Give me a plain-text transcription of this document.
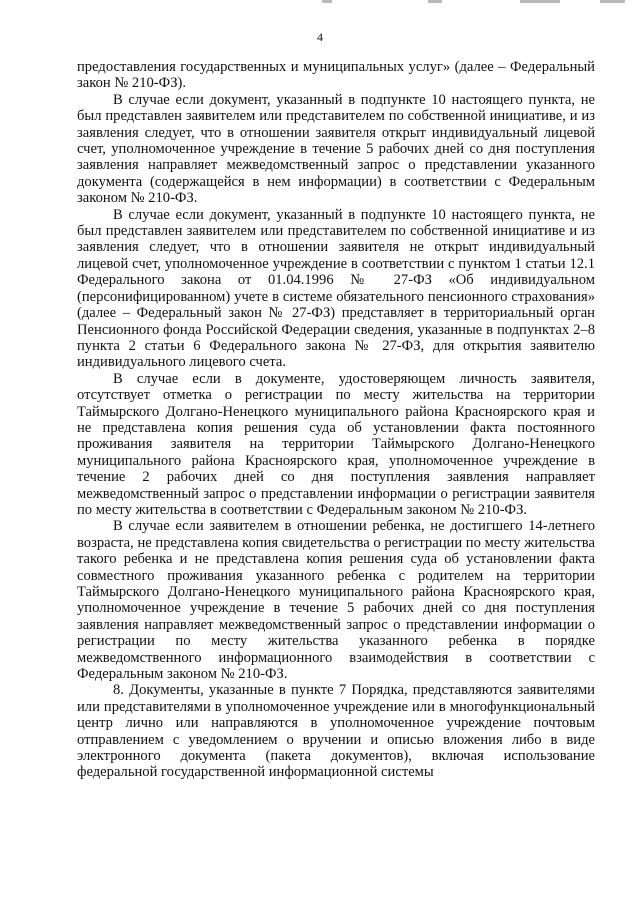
4

предоставления государственных и муниципальных услуг» (далее – Федеральный закон № 210-ФЗ).

В случае если документ, указанный в подпункте 10 настоящего пункта, не был представлен заявителем или представителем по собственной инициативе, и из заявления следует, что в отношении заявителя открыт индивидуальный лицевой счет, уполномоченное учреждение в течение 5 рабочих дней со дня поступления заявления направляет межведомственный запрос о представлении указанного документа (содержащейся в нем информации) в соответствии с Федеральным законом № 210-ФЗ.

В случае если документ, указанный в подпункте 10 настоящего пункта, не был представлен заявителем или представителем по собственной инициативе и из заявления следует, что в отношении заявителя не открыт индивидуальный лицевой счет, уполномоченное учреждение в соответствии с пунктом 1 статьи 12.1 Федерального закона от 01.04.1996 № 27-ФЗ «Об индивидуальном (персонифицированном) учете в системе обязательного пенсионного страхования» (далее – Федеральный закон № 27-ФЗ) представляет в территориальный орган Пенсионного фонда Российской Федерации сведения, указанные в подпунктах 2–8 пункта 2 статьи 6 Федерального закона № 27-ФЗ, для открытия заявителю индивидуального лицевого счета.

В случае если в документе, удостоверяющем личность заявителя, отсутствует отметка о регистрации по месту жительства на территории Таймырского Долгано-Ненецкого муниципального района Красноярского края и не представлена копия решения суда об установлении факта постоянного проживания заявителя на территории Таймырского Долгано-Ненецкого муниципального района Красноярского края, уполномоченное учреждение в течение 2 рабочих дней со дня поступления заявления направляет межведомственный запрос о представлении информации о регистрации заявителя по месту жительства в соответствии с Федеральным законом № 210-ФЗ.

В случае если заявителем в отношении ребенка, не достигшего 14-летнего возраста, не представлена копия свидетельства о регистрации по месту жительства такого ребенка и не представлена копия решения суда об установлении факта совместного проживания указанного ребенка с родителем на территории Таймырского Долгано-Ненецкого муниципального района Красноярского края, уполномоченное учреждение в течение 5 рабочих дней со дня поступления заявления направляет межведомственный запрос о представлении информации о регистрации по месту жительства указанного ребенка в порядке межведомственного информационного взаимодействия в соответствии с Федеральным законом № 210-ФЗ.

8. Документы, указанные в пункте 7 Порядка, представляются заявителями или представителями в уполномоченное учреждение или в многофункциональный центр лично или направляются в уполномоченное учреждение почтовым отправлением с уведомлением о вручении и описью вложения либо в виде электронного документа (пакета документов), включая использование федеральной государственной информационной системы
